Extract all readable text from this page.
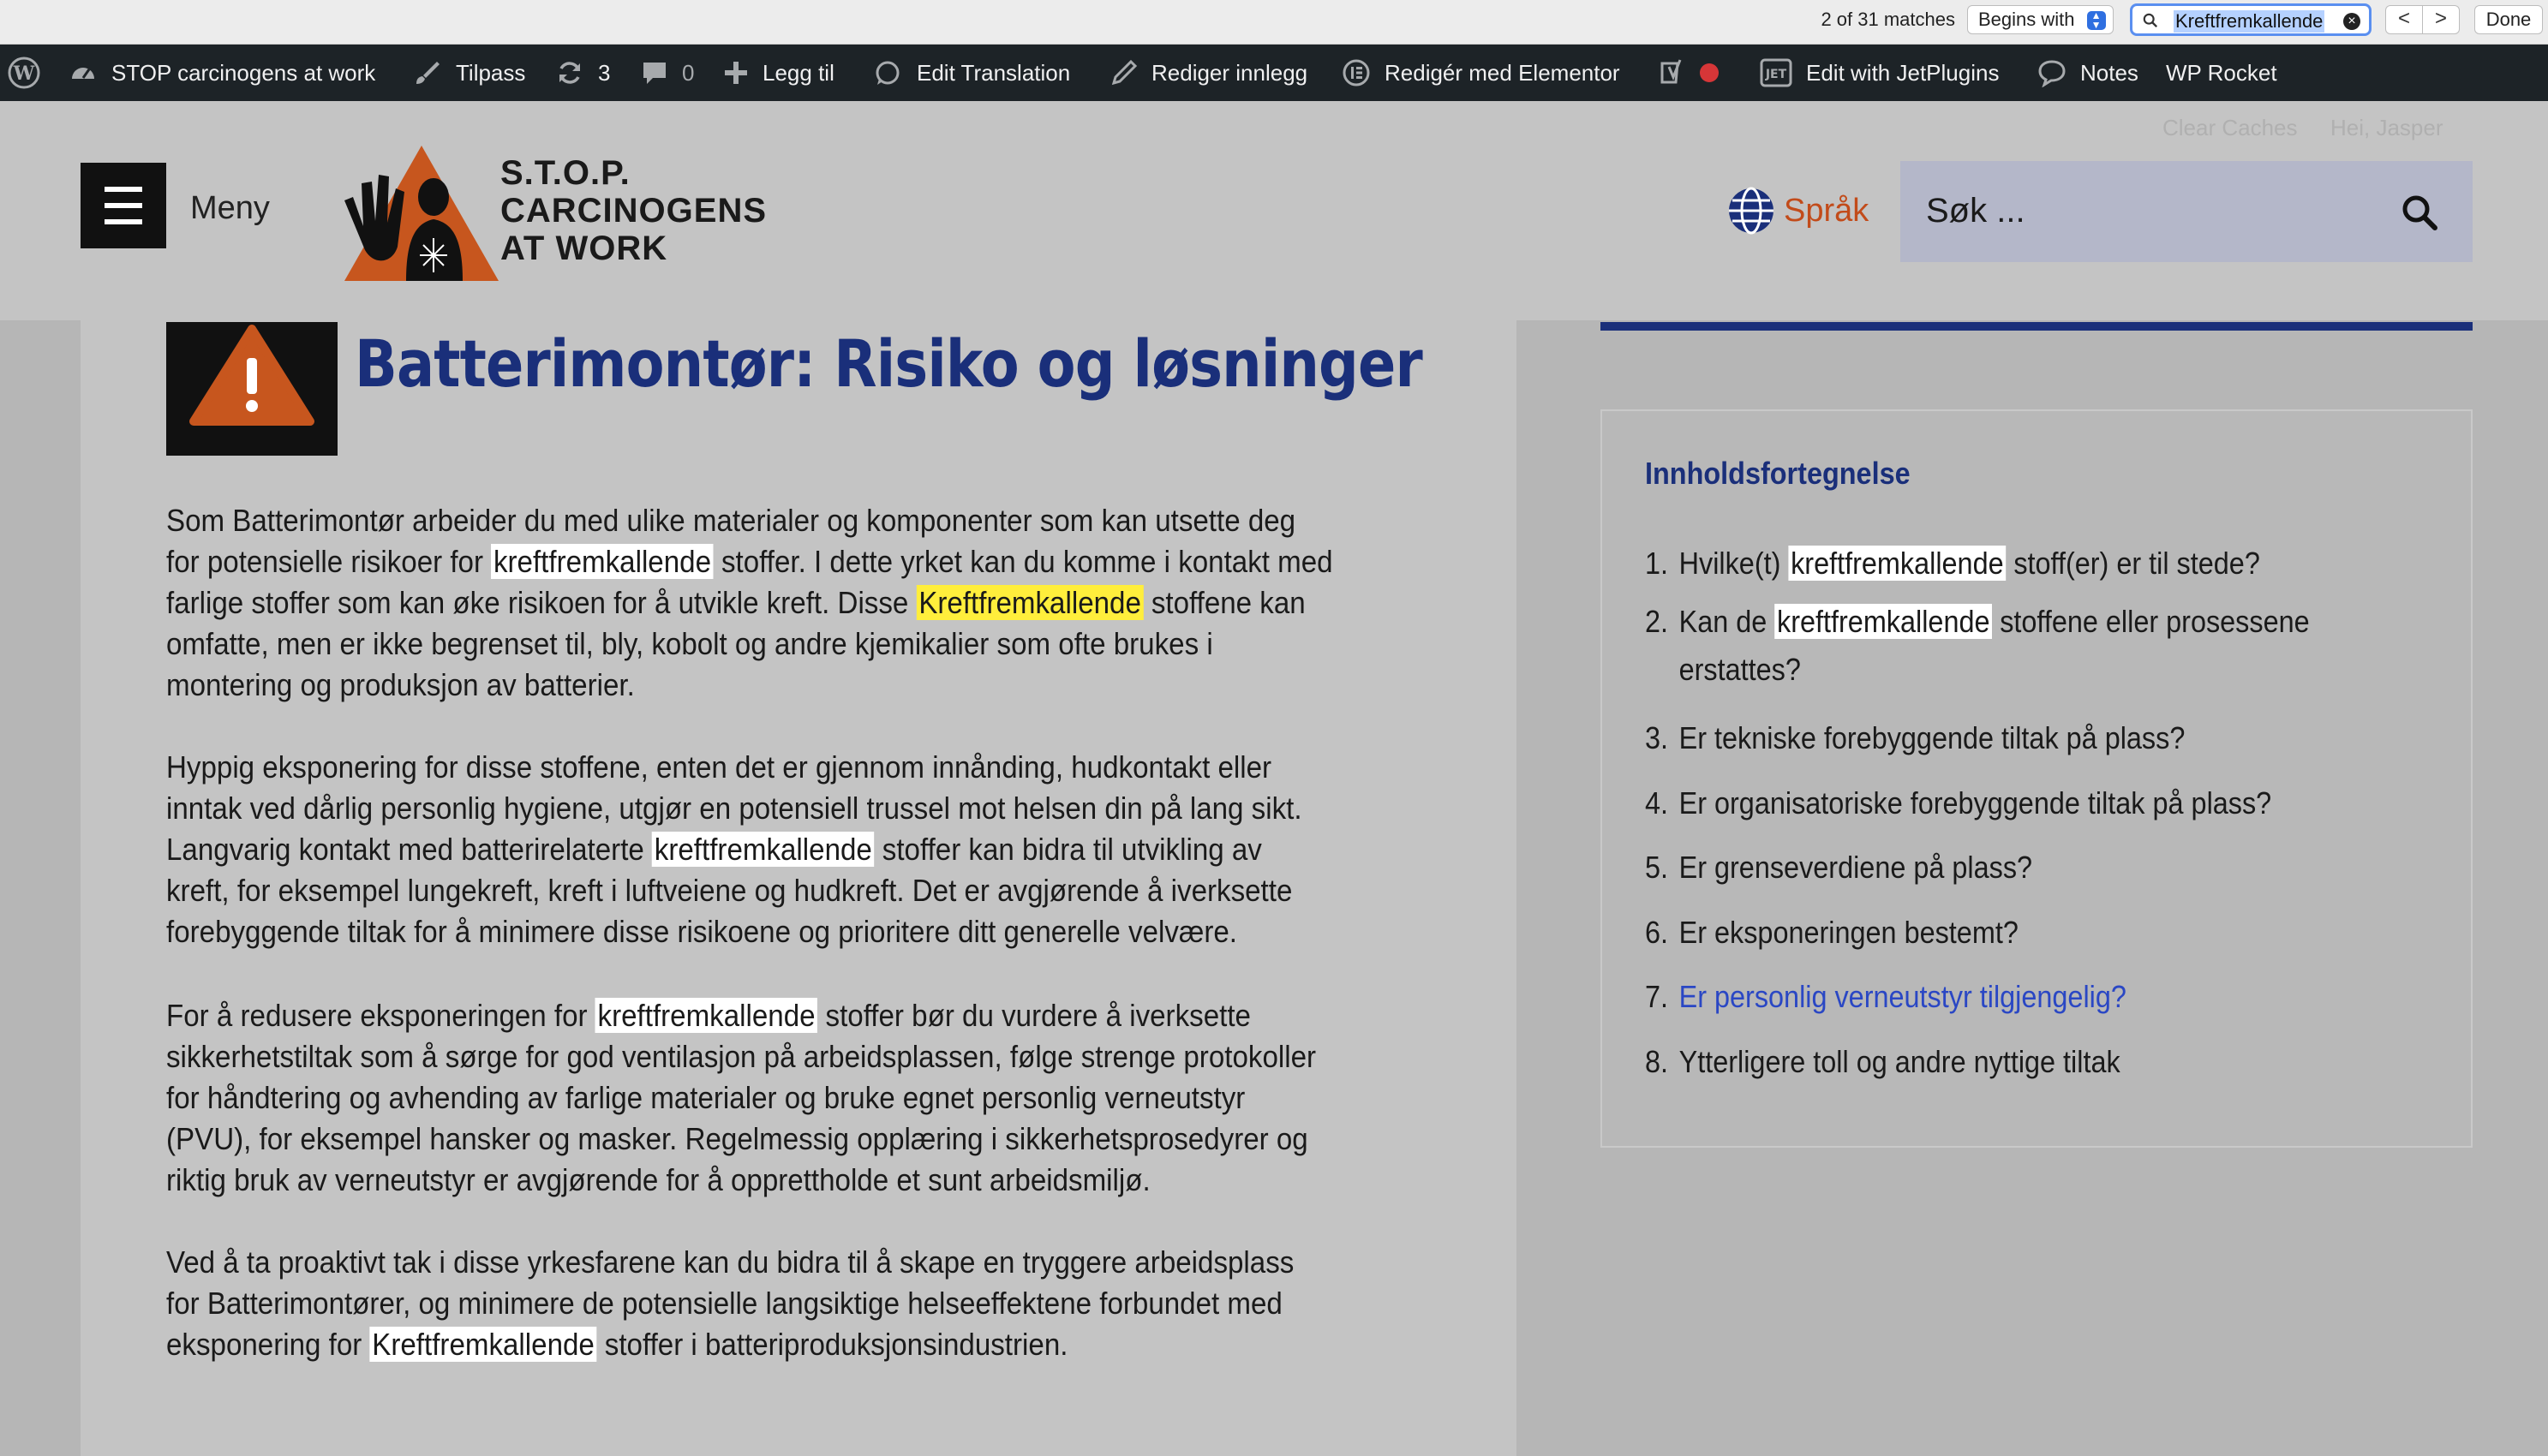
2 of 31 matches	Begins with	▲
▼	Kreftfremkallende	×	<	>	Done
W	STOP carcinogens at work	Tilpass	3	0	Legg til	Edit Translation	Rediger innlegg	Redigér med Elementor	JET Edit with JetPlugins	Notes WP Rocket
Clear Caches Hei, Jasper
Meny
S.T.O.P.
CARCINOGENS
AT WORK
Språk Søk ...
Batterimontør: Risiko og løsninger

Som Batterimontør arbeider du med ulike materialer og komponenter som kan utsette deg for potensielle risikoer for kreftfremkallende stoffer. I dette yrket kan du komme i kontakt med farlige stoffer som kan øke risikoen for å utvikle kreft. Disse Kreftfremkallende stoffene kan omfatte, men er ikke begrenset til, bly, kobolt og andre kjemikalier som ofte brukes i montering og produksjon av batterier.

Hyppig eksponering for disse stoffene, enten det er gjennom innånding, hudkontakt eller inntak ved dårlig personlig hygiene, utgjør en potensiell trussel mot helsen din på lang sikt. Langvarig kontakt med batterirelaterte kreftfremkallende stoffer kan bidra til utvikling av kreft, for eksempel lungekreft, kreft i luftveiene og hudkreft. Det er avgjørende å iverksette forebyggende tiltak for å minimere disse risikoene og prioritere ditt generelle velvære.

For å redusere eksponeringen for kreftfremkallende stoffer bør du vurdere å iverksette sikkerhetstiltak som å sørge for god ventilasjon på arbeidsplassen, følge strenge protokoller for håndtering og avhending av farlige materialer og bruke egnet personlig verneutstyr (PVU), for eksempel hansker og masker. Regelmessig opplæring i sikkerhetsprosedyrer og riktig bruk av verneutstyr er avgjørende for å opprettholde et sunt arbeidsmiljø.

Ved å ta proaktivt tak i disse yrkesfarene kan du bidra til å skape en tryggere arbeidsplass for Batterimontører, og minimere de potensielle langsiktige helseeffektene forbundet med eksponering for Kreftfremkallende stoffer i batteriproduksjonsindustrien.

Innholdsfortegnelse
1. Hvilke(t) kreftfremkallende stoff(er) er til stede?
2. Kan de kreftfremkallende stoffene eller prosessene
erstattes?
3. Er tekniske forebyggende tiltak på plass?
4. Er organisatoriske forebyggende tiltak på plass?
5. Er grenseverdiene på plass?
6. Er eksponeringen bestemt?
7. Er personlig verneutstyr tilgjengelig?
8. Ytterligere toll og andre nyttige tiltak
